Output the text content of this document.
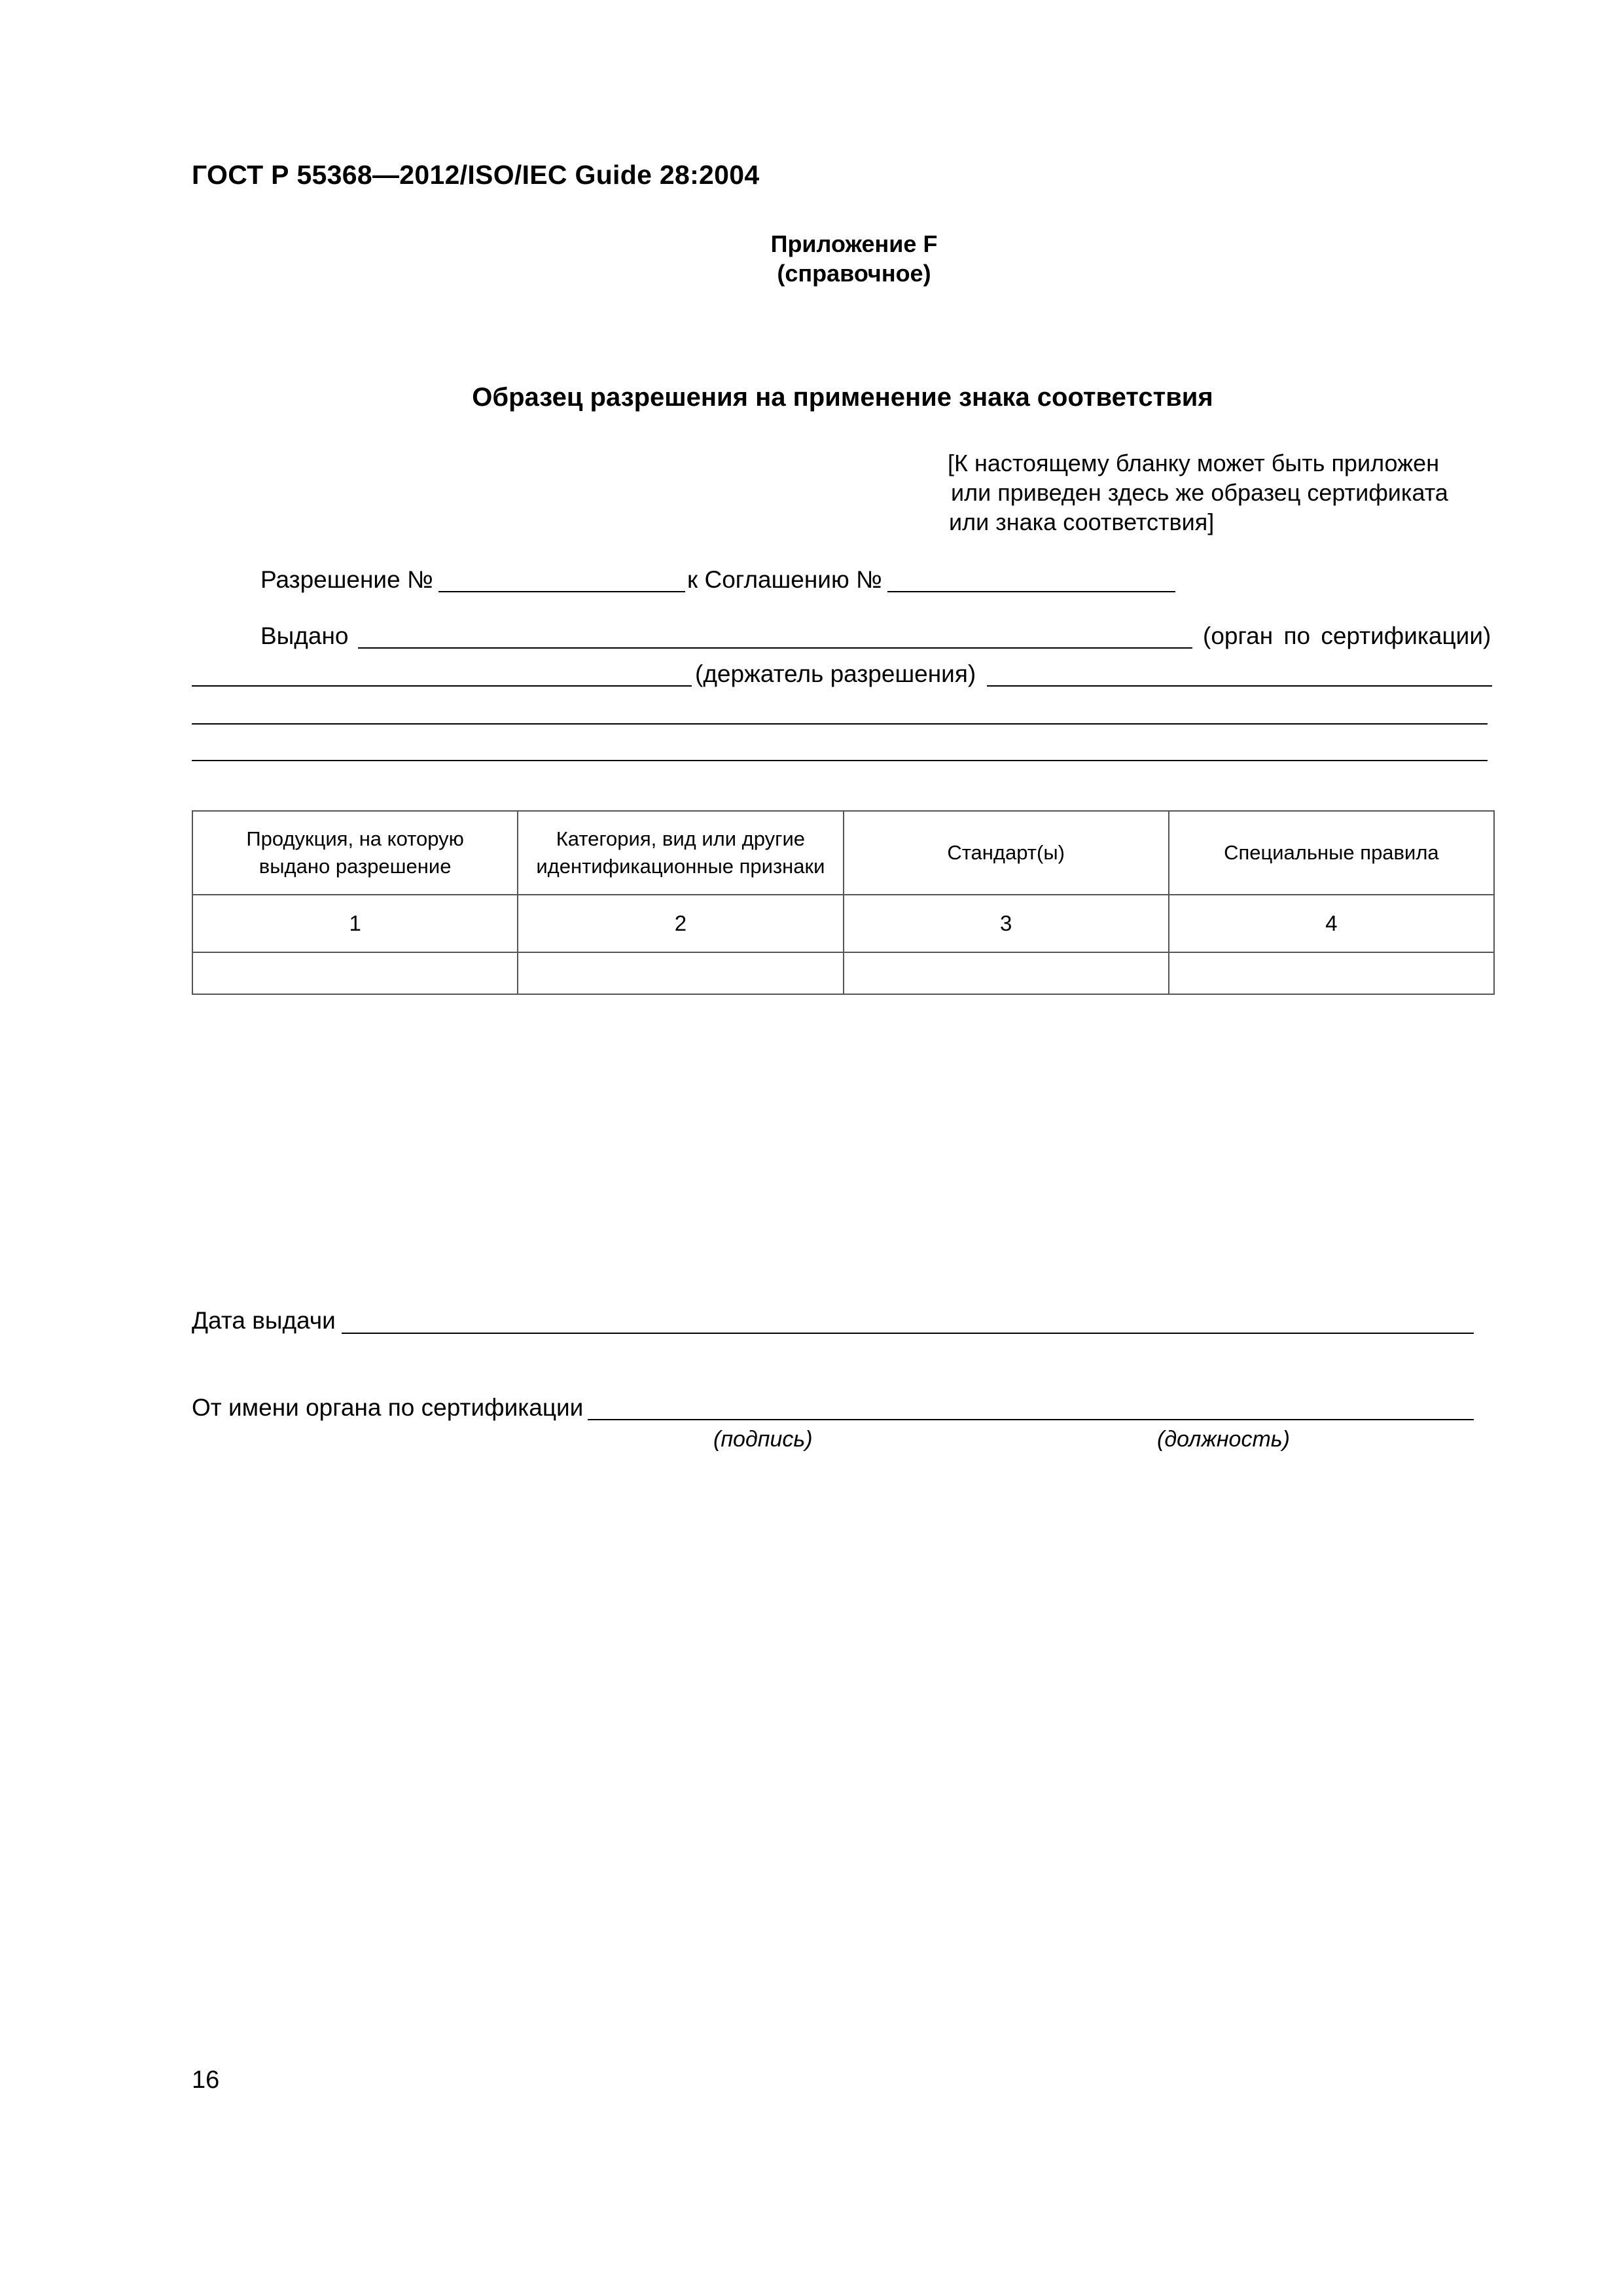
ГОСТ Р 55368—2012/ISO/IEC Guide 28:2004
Приложение F
(справочное)
Образец разрешения на применение знака соответствия
[К настоящему бланку может быть приложен
или приведен здесь же образец сертификата
или знака соответствия]
Разрешение №	к Соглашению №
Выдано	(орган по сертификации)
(держатель разрешения)
Продукция, на которую
выдано разрешение	Категория, вид или другие
идентификационные признаки	Стандарт(ы)	Специальные правила
1	2	3	4

Дата выдачи
От имени органа по сертификации
(подпись)	(должность)
16
